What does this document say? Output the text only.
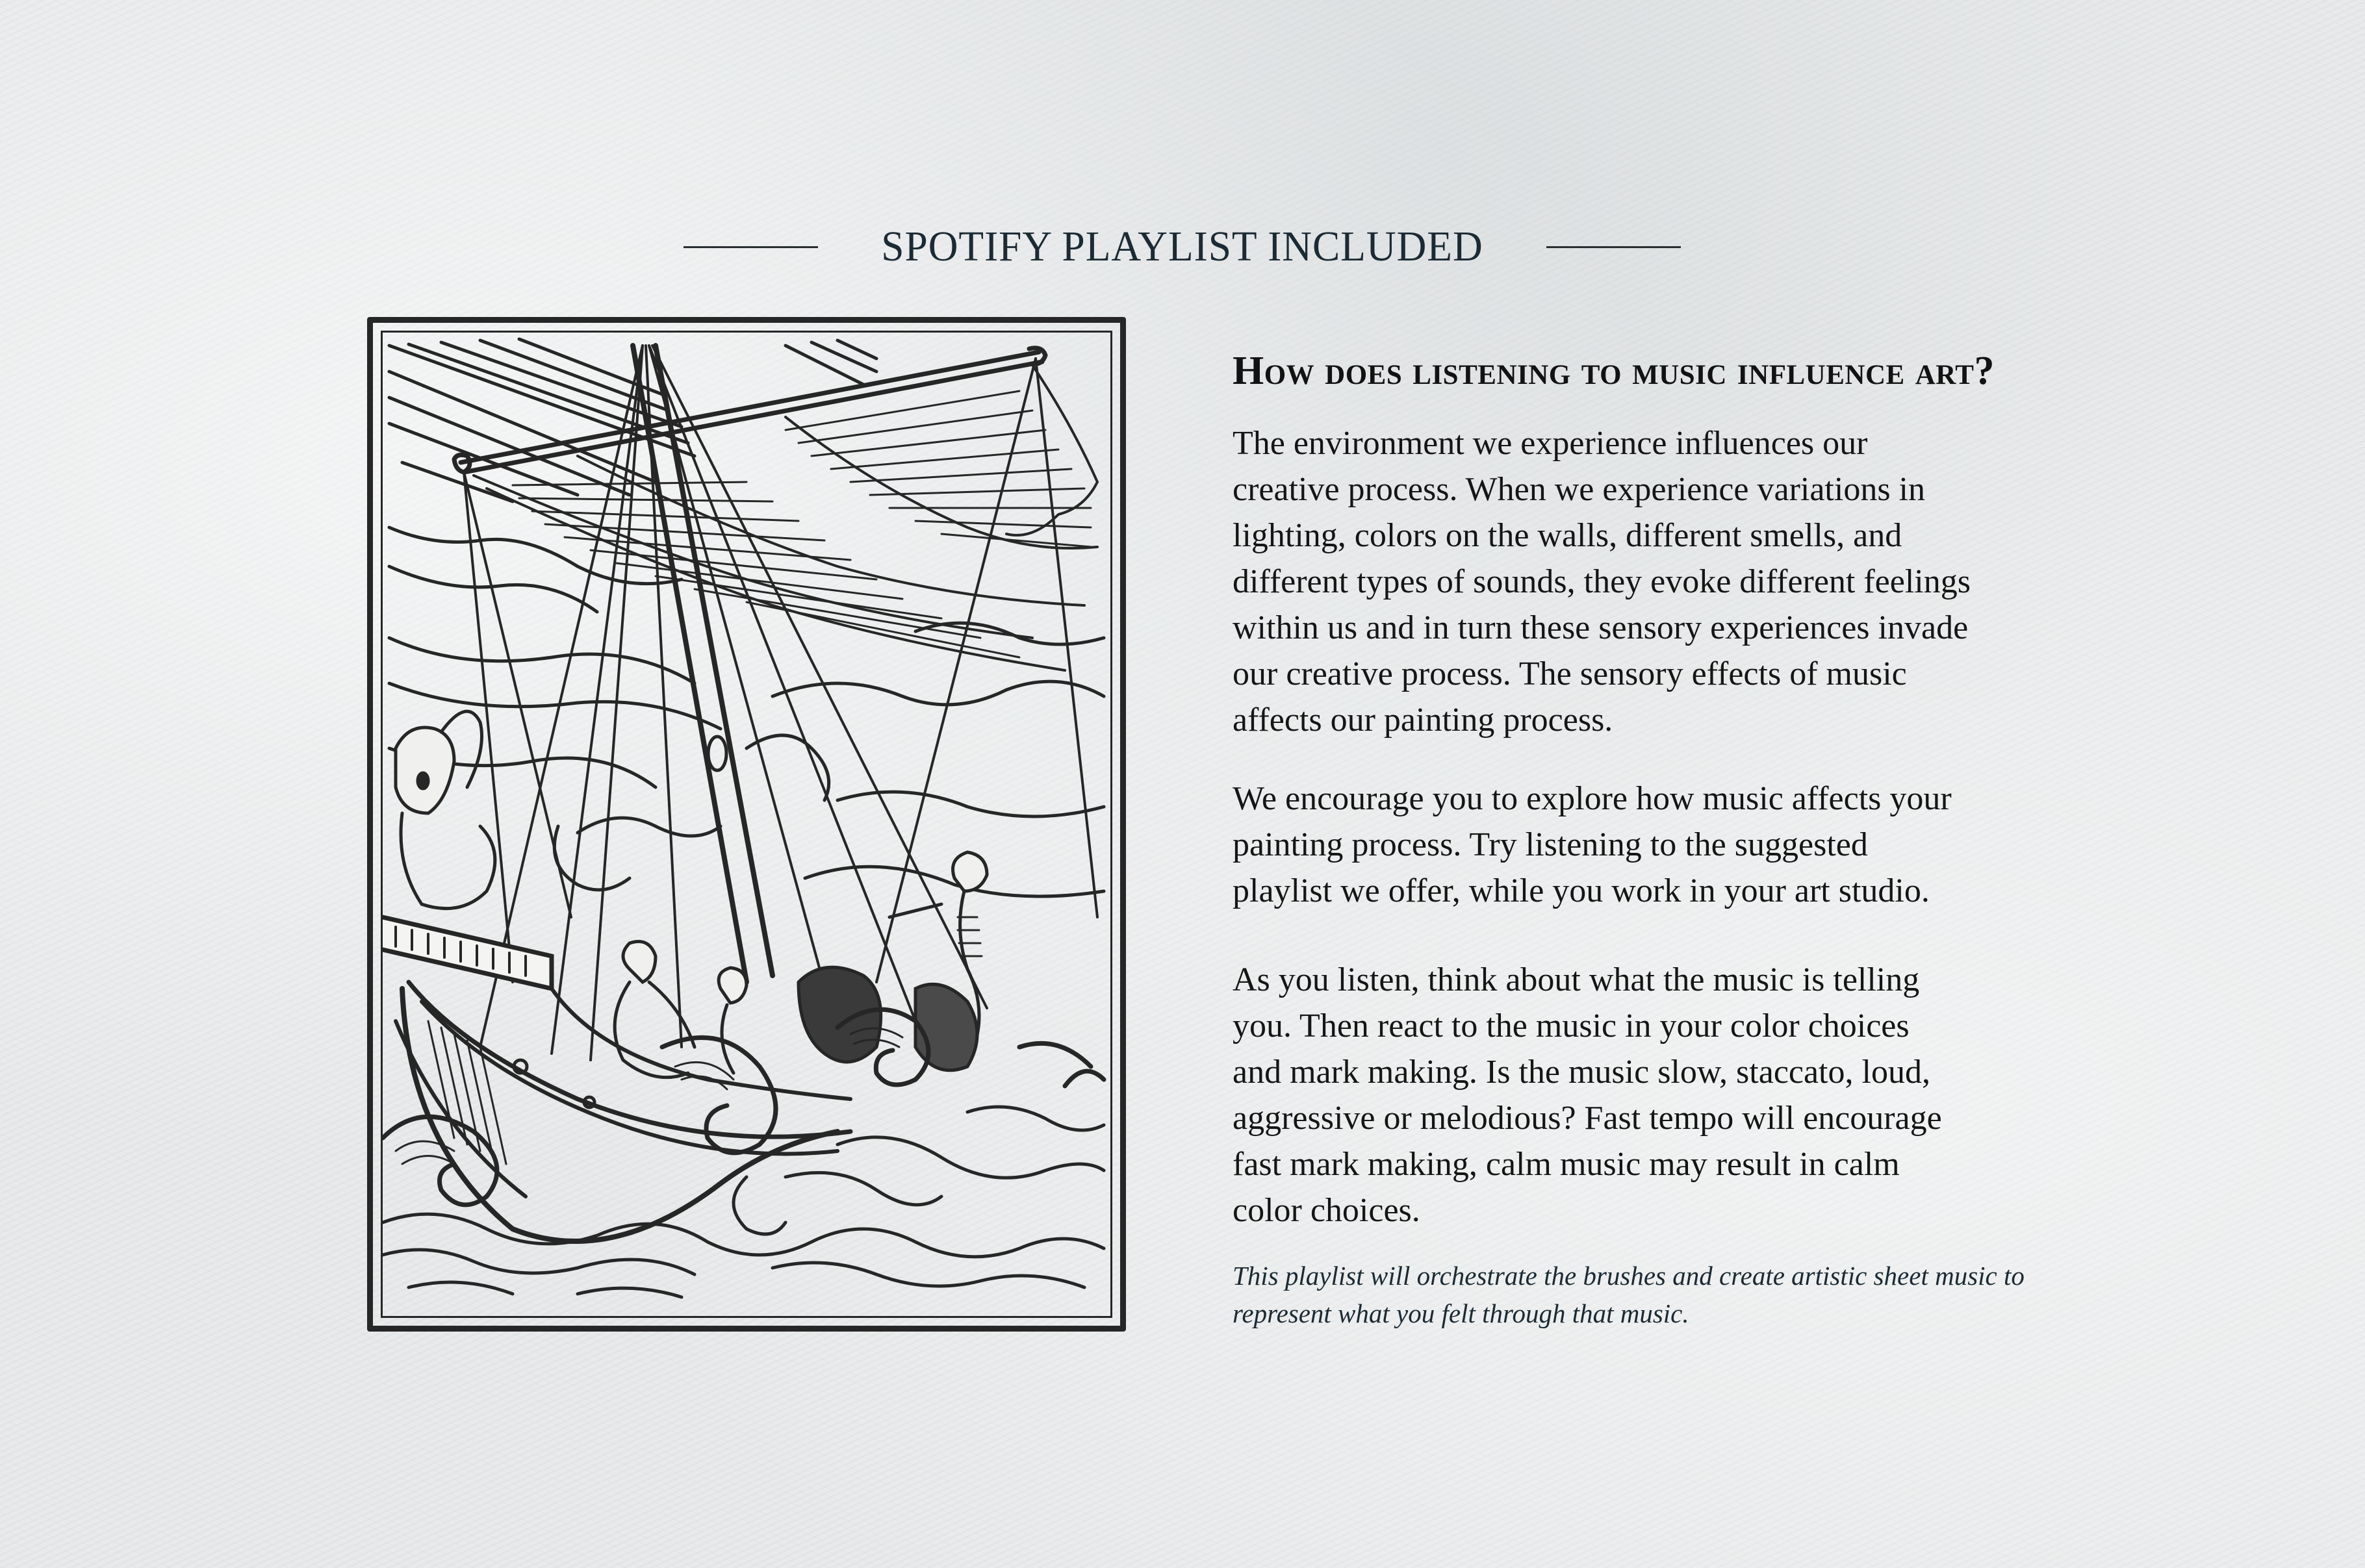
SPOTIFY PLAYLIST INCLUDED
How does listening to music influence art?

The environment we experience influences our
creative process. When we experience variations in
lighting, colors on the walls, different smells, and
different types of sounds, they evoke different feelings
within us and in turn these sensory experiences invade
our creative process. The sensory effects of music
affects our painting process.

We encourage you to explore how music affects your
painting process. Try listening to the suggested
playlist we offer, while you work in your art studio.

As you listen, think about what the music is telling
you. Then react to the music in your color choices
and mark making. Is the music slow, staccato, loud,
aggressive or melodious? Fast tempo will encourage
fast mark making, calm music may result in calm
color choices.

This playlist will orchestrate the brushes and create artistic sheet music to
represent what you felt through that music.
